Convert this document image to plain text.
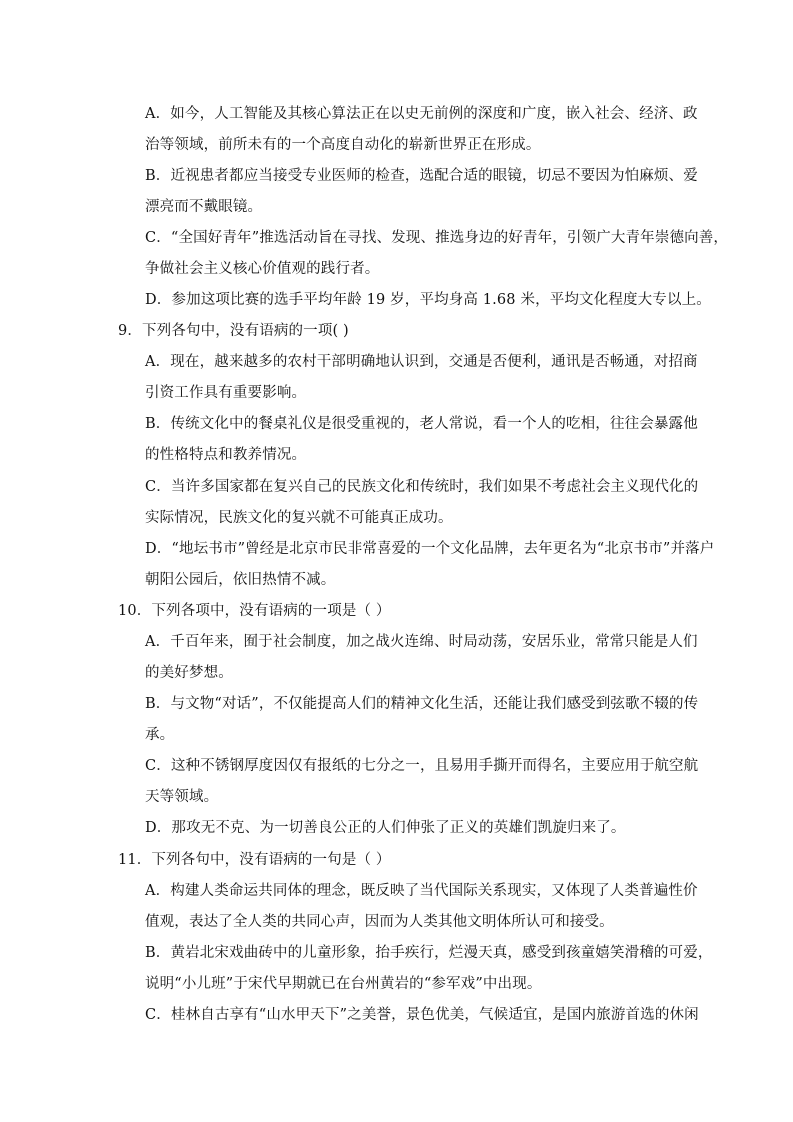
A．如今，人工智能及其核心算法正在以史无前例的深度和广度，嵌入社会、经济、政
治等领域，前所未有的一个高度自动化的崭新世界正在形成。
B．近视患者都应当接受专业医师的检查，选配合适的眼镜，切忌不要因为怕麻烦、爱
漂亮而不戴眼镜。
C．“全国好青年”推选活动旨在寻找、发现、推选身边的好青年，引领广大青年崇德向善，
争做社会主义核心价值观的践行者。
D．参加这项比赛的选手平均年龄 19 岁，平均身高 1.68 米，平均文化程度大专以上。
9．下列各句中，没有语病的一项( )
A．现在，越来越多的农村干部明确地认识到，交通是否便利，通讯是否畅通，对招商
引资工作具有重要影响。
B．传统文化中的餐桌礼仪是很受重视的，老人常说，看一个人的吃相，往往会暴露他
的性格特点和教养情况。
C．当许多国家都在复兴自己的民族文化和传统时，我们如果不考虑社会主义现代化的
实际情况，民族文化的复兴就不可能真正成功。
D．“地坛书市”曾经是北京市民非常喜爱的一个文化品牌，去年更名为“北京书市”并落户
朝阳公园后，依旧热情不减。
10．下列各项中，没有语病的一项是（ ）
A．千百年来，囿于社会制度，加之战火连绵、时局动荡，安居乐业，常常只能是人们
的美好梦想。
B．与文物“对话”，不仅能提高人们的精神文化生活，还能让我们感受到弦歌不辍的传
承。
C．这种不锈钢厚度因仅有报纸的七分之一，且易用手撕开而得名，主要应用于航空航
天等领域。
D．那攻无不克、为一切善良公正的人们伸张了正义的英雄们凯旋归来了。
11．下列各句中，没有语病的一句是（ ）
A．构建人类命运共同体的理念，既反映了当代国际关系现实，又体现了人类普遍性价
值观，表达了全人类的共同心声，因而为人类其他文明体所认可和接受。
B．黄岩北宋戏曲砖中的儿童形象，抬手疾行，烂漫天真，感受到孩童嬉笑滑稽的可爱，
说明“小儿班”于宋代早期就已在台州黄岩的“参军戏”中出现。
C．桂林自古享有“山水甲天下”之美誉，景色优美，气候适宜，是国内旅游首选的休闲
